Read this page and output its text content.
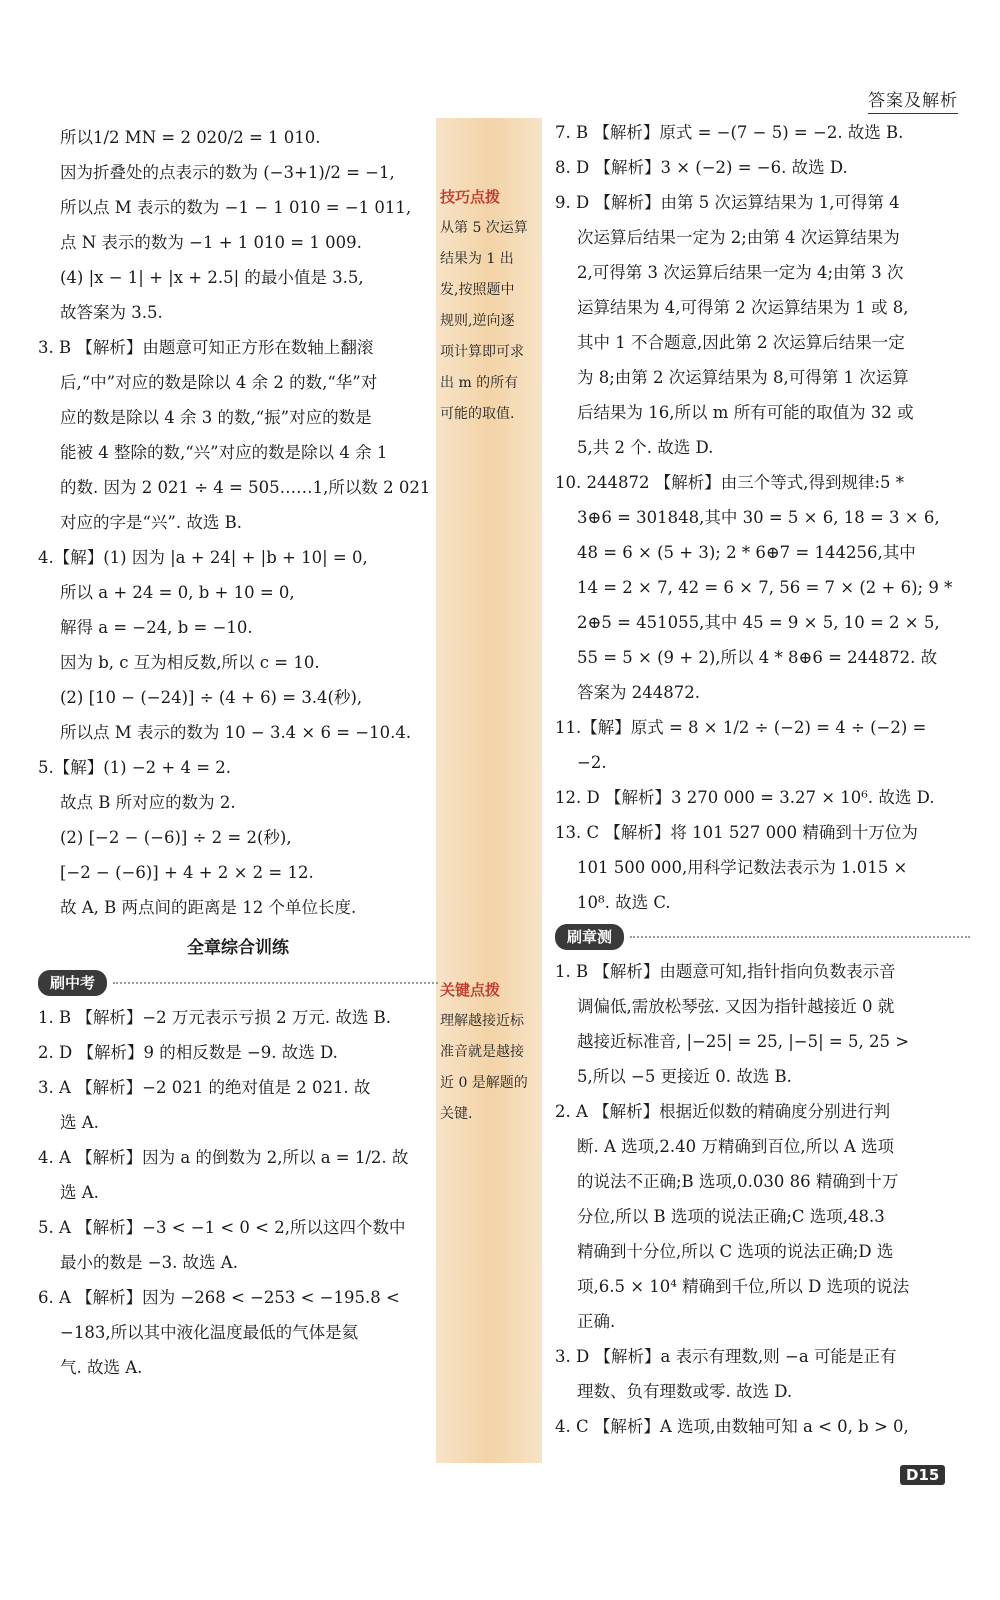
答案及解析
技巧点拨
从第 5 次运算
结果为 1 出
发,按照题中
规则,逆向逐
项计算即可求
出 m 的所有
可能的取值.
关键点拨
理解越接近标
准音就是越接
近 0 是解题的
关键.
所以1/2 MN = 2 020/2 = 1 010.
因为折叠处的点表示的数为 (−3+1)/2 = −1,
所以点 M 表示的数为 −1 − 1 010 = −1 011,
点 N 表示的数为 −1 + 1 010 = 1 009.
(4) |x − 1| + |x + 2.5| 的最小值是 3.5,
故答案为 3.5.
3. B 【解析】由题意可知正方形在数轴上翻滚
后,“中”对应的数是除以 4 余 2 的数,“华”对
应的数是除以 4 余 3 的数,“振”对应的数是
能被 4 整除的数,“兴”对应的数是除以 4 余 1
的数. 因为 2 021 ÷ 4 = 505……1,所以数 2 021
对应的字是“兴”. 故选 B.
4.【解】(1) 因为 |a + 24| + |b + 10| = 0,
所以 a + 24 = 0, b + 10 = 0,
解得 a = −24, b = −10.
因为 b, c 互为相反数,所以 c = 10.
(2) [10 − (−24)] ÷ (4 + 6) = 3.4(秒),
所以点 M 表示的数为 10 − 3.4 × 6 = −10.4.
5.【解】(1) −2 + 4 = 2.
故点 B 所对应的数为 2.
(2) [−2 − (−6)] ÷ 2 = 2(秒),
[−2 − (−6)] + 4 + 2 × 2 = 12.
故 A, B 两点间的距离是 12 个单位长度.
全章综合训练
刷中考
1. B 【解析】−2 万元表示亏损 2 万元. 故选 B.
2. D 【解析】9 的相反数是 −9. 故选 D.
3. A 【解析】−2 021 的绝对值是 2 021. 故
选 A.
4. A 【解析】因为 a 的倒数为 2,所以 a = 1/2. 故
选 A.
5. A 【解析】−3 < −1 < 0 < 2,所以这四个数中
最小的数是 −3. 故选 A.
6. A 【解析】因为 −268 < −253 < −195.8 <
−183,所以其中液化温度最低的气体是氦
气. 故选 A.
7. B 【解析】原式 = −(7 − 5) = −2. 故选 B.
8. D 【解析】3 × (−2) = −6. 故选 D.
9. D 【解析】由第 5 次运算结果为 1,可得第 4
次运算后结果一定为 2;由第 4 次运算结果为
2,可得第 3 次运算后结果一定为 4;由第 3 次
运算结果为 4,可得第 2 次运算结果为 1 或 8,
其中 1 不合题意,因此第 2 次运算后结果一定
为 8;由第 2 次运算结果为 8,可得第 1 次运算
后结果为 16,所以 m 所有可能的取值为 32 或
5,共 2 个. 故选 D.
10. 244872 【解析】由三个等式,得到规律:5 *
3⊕6 = 301848,其中 30 = 5 × 6, 18 = 3 × 6,
48 = 6 × (5 + 3); 2 * 6⊕7 = 144256,其中
14 = 2 × 7, 42 = 6 × 7, 56 = 7 × (2 + 6); 9 *
2⊕5 = 451055,其中 45 = 9 × 5, 10 = 2 × 5,
55 = 5 × (9 + 2),所以 4 * 8⊕6 = 244872. 故
答案为 244872.
11.【解】原式 = 8 × 1/2 ÷ (−2) = 4 ÷ (−2) =
−2.
12. D 【解析】3 270 000 = 3.27 × 10⁶. 故选 D.
13. C 【解析】将 101 527 000 精确到十万位为
101 500 000,用科学记数法表示为 1.015 ×
10⁸. 故选 C.
刷章测
1. B 【解析】由题意可知,指针指向负数表示音
调偏低,需放松琴弦. 又因为指针越接近 0 就
越接近标准音, |−25| = 25, |−5| = 5, 25 >
5,所以 −5 更接近 0. 故选 B.
2. A 【解析】根据近似数的精确度分别进行判
断. A 选项,2.40 万精确到百位,所以 A 选项
的说法不正确;B 选项,0.030 86 精确到十万
分位,所以 B 选项的说法正确;C 选项,48.3
精确到十分位,所以 C 选项的说法正确;D 选
项,6.5 × 10⁴ 精确到千位,所以 D 选项的说法
正确.
3. D 【解析】a 表示有理数,则 −a 可能是正有
理数、负有理数或零. 故选 D.
4. C 【解析】A 选项,由数轴可知 a < 0, b > 0,
D15
